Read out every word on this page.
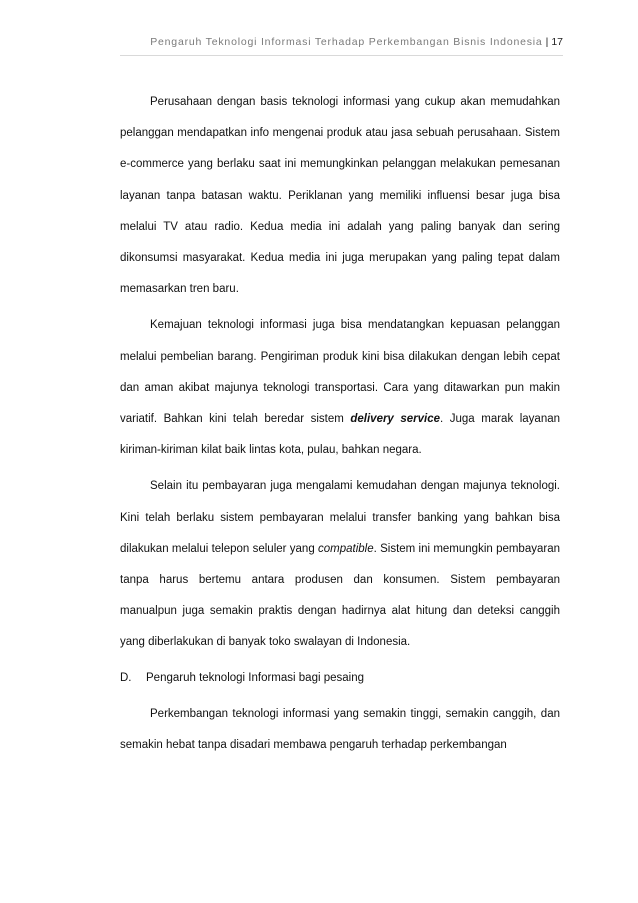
Pengaruh Teknologi Informasi Terhadap Perkembangan Bisnis Indonesia | 17

Perusahaan dengan basis teknologi informasi yang cukup akan memudahkan pelanggan mendapatkan info mengenai produk atau jasa sebuah perusahaan. Sistem e-commerce yang berlaku saat ini memungkinkan pelanggan melakukan pemesanan layanan tanpa batasan waktu. Periklanan yang memiliki influensi besar juga bisa melalui TV atau radio. Kedua media ini adalah yang paling banyak dan sering dikonsumsi masyarakat. Kedua media ini juga merupakan yang paling tepat dalam memasarkan tren baru.

Kemajuan teknologi informasi juga bisa mendatangkan kepuasan pelanggan melalui pembelian barang. Pengiriman produk kini bisa dilakukan dengan lebih cepat dan aman akibat majunya teknologi transportasi. Cara yang ditawarkan pun makin variatif. Bahkan kini telah beredar sistem delivery service. Juga marak layanan kiriman-kiriman kilat baik lintas kota, pulau, bahkan negara.

Selain itu pembayaran juga mengalami kemudahan dengan majunya teknologi. Kini telah berlaku sistem pembayaran melalui transfer banking yang bahkan bisa dilakukan melalui telepon seluler yang compatible. Sistem ini memungkin pembayaran tanpa harus bertemu antara produsen dan konsumen. Sistem pembayaran manualpun juga semakin praktis dengan hadirnya alat hitung dan deteksi canggih yang diberlakukan di banyak toko swalayan di Indonesia.

D. Pengaruh teknologi Informasi bagi pesaing

Perkembangan teknologi informasi yang semakin tinggi, semakin canggih, dan semakin hebat tanpa disadari membawa pengaruh terhadap perkembangan
